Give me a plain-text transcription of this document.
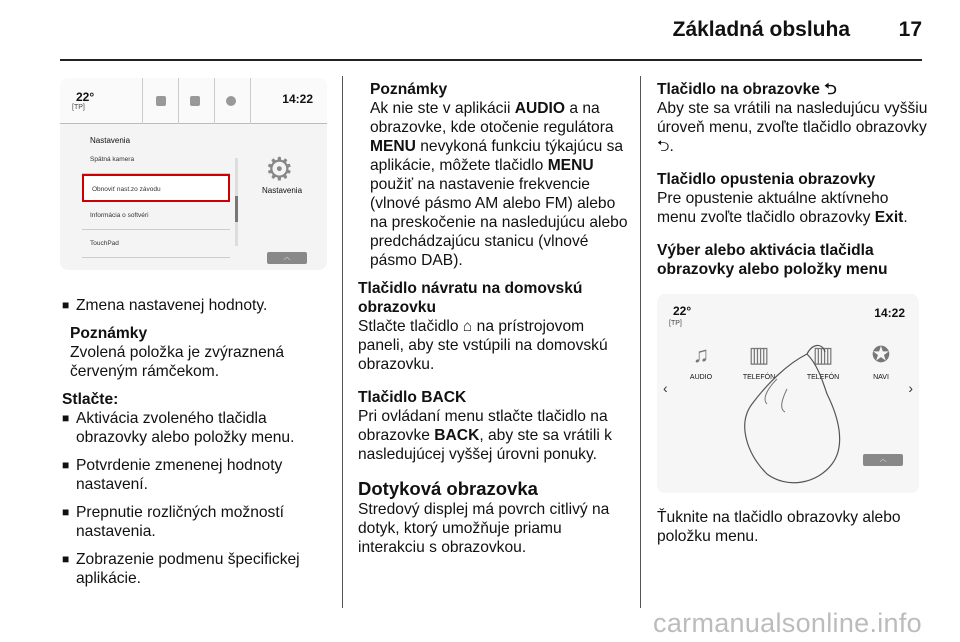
Základná obsluha 17
22°
[TP]
14:22
Nastavenia
Spätná kamera
Obnoviť nast.zo závodu
Informácia o softvéri
TouchPad
⚙
Nastavenia
︿
■ Zmena nastavenej hodnoty.

Poznámky

Zvolená položka je zvýraznená červeným rámčekom.

Stlačte:

■ Aktivácia zvoleného tlačidla obrazovky alebo položky menu.
■ Potvrdenie zmenenej hodnoty nastavení.
■ Prepnutie rozličných možností nastavenia.
■ Zobrazenie podmenu špecifickej aplikácie.

Poznámky

Ak nie ste v aplikácii AUDIO a na obrazovke, kde otočenie regulátora MENU nevykoná funkciu týkajúcu sa aplikácie, môžete tlačidlo MENU použiť na nastavenie frekvencie (vlnové pásmo AM alebo FM) alebo na preskočenie na nasledujúcu alebo predchádzajúcu stanicu (vlnové pásmo DAB).

Tlačidlo návratu na domovskú obrazovku

Stlačte tlačidlo ⌂ na prístrojovom paneli, aby ste vstúpili na domovskú obrazovku.

Tlačidlo BACK

Pri ovládaní menu stlačte tlačidlo na obrazovke BACK, aby ste sa vrátili k nasledujúcej vyššej úrovni ponuky.

Dotyková obrazovka

Stredový displej má povrch citlivý na dotyk, ktorý umožňuje priamu interakciu s obrazovkou.

Tlačidlo na obrazovke ⮌

Aby ste sa vrátili na nasledujúcu vyššiu úroveň menu, zvoľte tlačidlo obrazovky ⮌.

Tlačidlo opustenia obrazovky

Pre opustenie aktuálne aktívneho menu zvoľte tlačidlo obrazovky Exit.

Výber alebo aktivácia tlačidla obrazovky alebo položky menu
22°
[TP]
14:22
‹	›
♫
AUDIO
▥
TELEFÓN
▥
TELEFÓN
✪
NAVI
︿

Ťuknite na tlačidlo obrazovky alebo položku menu.

carmanualsonline.info
